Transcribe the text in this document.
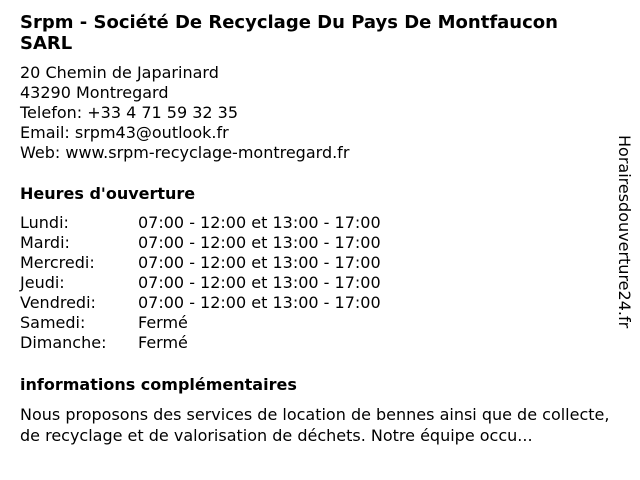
Srpm - Société De Recyclage Du Pays De Montfaucon SARL
20 Chemin de Japarinard
43290 Montregard
Telefon: +33 4 71 59 32 35
Email: srpm43@outlook.fr
Web: www.srpm-recyclage-montregard.fr
Heures d'ouverture
Lundi:	07:00 - 12:00 et 13:00 - 17:00
Mardi:	07:00 - 12:00 et 13:00 - 17:00
Mercredi:	07:00 - 12:00 et 13:00 - 17:00
Jeudi:	07:00 - 12:00 et 13:00 - 17:00
Vendredi:	07:00 - 12:00 et 13:00 - 17:00
Samedi:	Fermé
Dimanche:	Fermé
informations complémentaires
Nous proposons des services de location de bennes ainsi que de collecte, de recyclage et de valorisation de déchets. Notre équipe occu...
Horairesdouverture24.fr
